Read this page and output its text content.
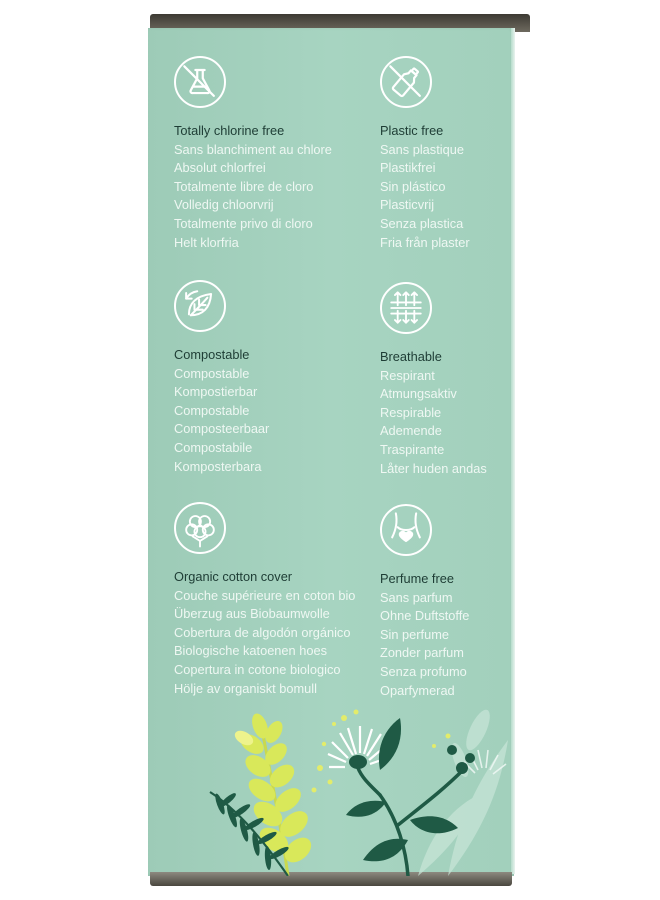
Totally chlorine free
Sans blanchiment au chlore
Absolut chlorfrei
Totalmente libre de cloro
Volledig chloorvrij
Totalmente privo di cloro
Helt klorfria
Plastic free
Sans plastique
Plastikfrei
Sin plástico
Plasticvrij
Senza plastica
Fria från plaster
Compostable
Compostable
Kompostierbar
Compostable
Composteerbaar
Compostabile
Komposterbara
Breathable
Respirant
Atmungsaktiv
Respirable
Ademende
Traspirante
Låter huden andas
Organic cotton cover
Couche supérieure en coton bio
Überzug aus Biobaumwolle
Cobertura de algodón orgánico
Biologische katoenen hoes
Copertura in cotone biologico
Hölje av organiskt bomull
Perfume free
Sans parfum
Ohne Duftstoffe
Sin perfume
Zonder parfum
Senza profumo
Oparfymerad
